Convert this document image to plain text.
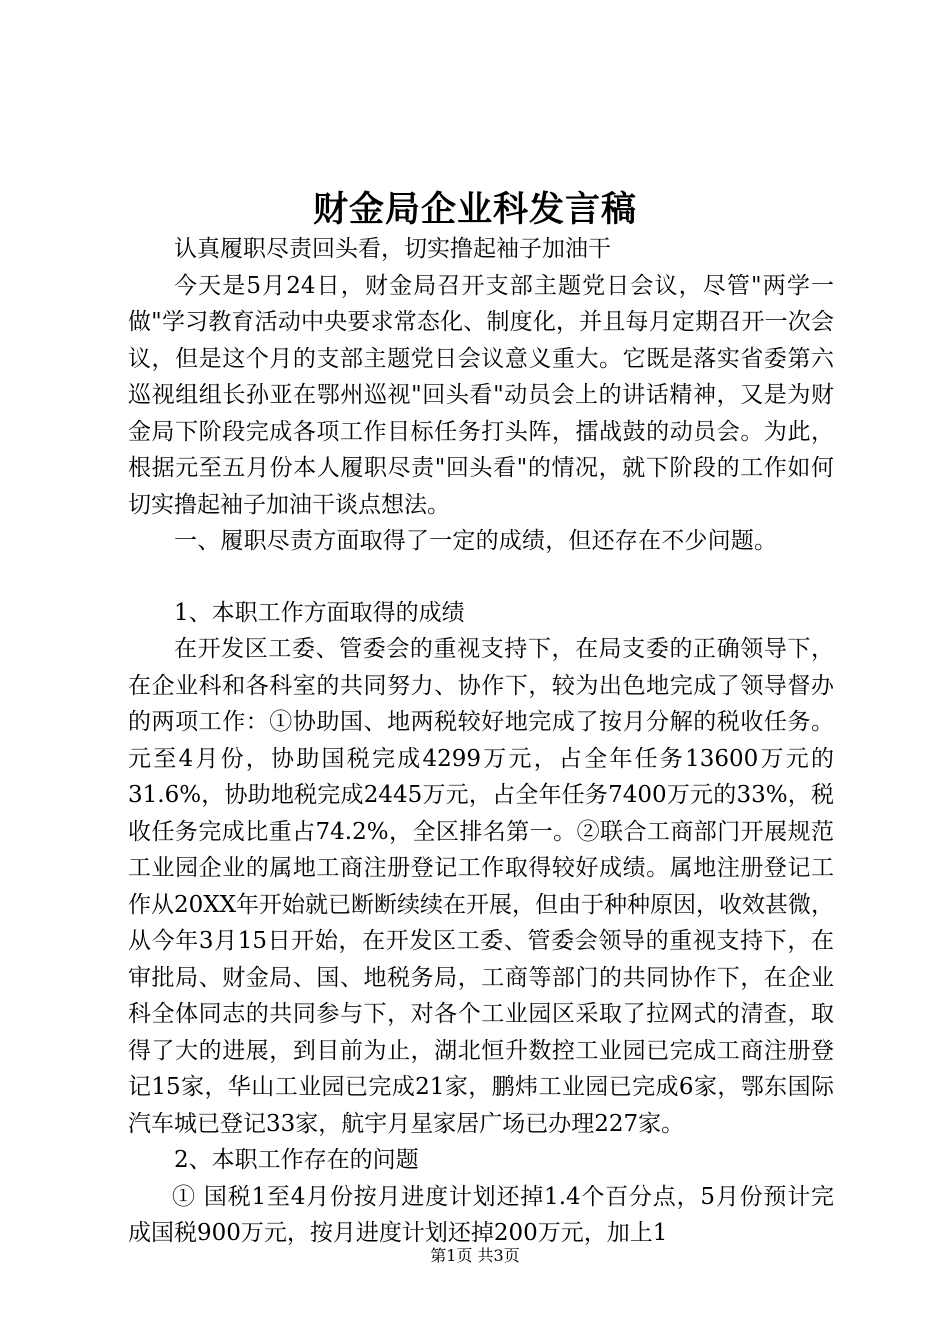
财金局企业科发言稿

认真履职尽责回头看，切实撸起袖子加油干

今天是5月24日，财金局召开支部主题党日会议，尽管"两学一做"学习教育活动中央要求常态化、制度化，并且每月定期召开一次会议，但是这个月的支部主题党日会议意义重大。它既是落实省委第六巡视组组长孙亚在鄂州巡视"回头看"动员会上的讲话精神，又是为财金局下阶段完成各项工作目标任务打头阵，擂战鼓的动员会。为此，根据元至五月份本人履职尽责"回头看"的情况，就下阶段的工作如何切实撸起袖子加油干谈点想法。

一、履职尽责方面取得了一定的成绩，但还存在不少问题。

1、本职工作方面取得的成绩

在开发区工委、管委会的重视支持下，在局支委的正确领导下，在企业科和各科室的共同努力、协作下，较为出色地完成了领导督办的两项工作：①协助国、地两税较好地完成了按月分解的税收任务。元至4月份，协助国税完成4299万元，占全年任务13600万元的31.6%，协助地税完成2445万元，占全年任务7400万元的33%，税收任务完成比重占74.2%，全区排名第一。②联合工商部门开展规范工业园企业的属地工商注册登记工作取得较好成绩。属地注册登记工作从20XX年开始就已断断续续在开展，但由于种种原因，收效甚微，从今年3月15日开始，在开发区工委、管委会领导的重视支持下，在审批局、财金局、国、地税务局，工商等部门的共同协作下，在企业科全体同志的共同参与下，对各个工业园区采取了拉网式的清查，取得了大的进展，到目前为止，湖北恒升数控工业园已完成工商注册登记15家，华山工业园已完成21家，鹏炜工业园已完成6家，鄂东国际汽车城已登记33家，航宇月星家居广场已办理227家。

2、本职工作存在的问题

① 国税1至4月份按月进度计划还掉1.4个百分点，5月份预计完成国税900万元，按月进度计划还掉200万元，加上1

第1页 共3页
